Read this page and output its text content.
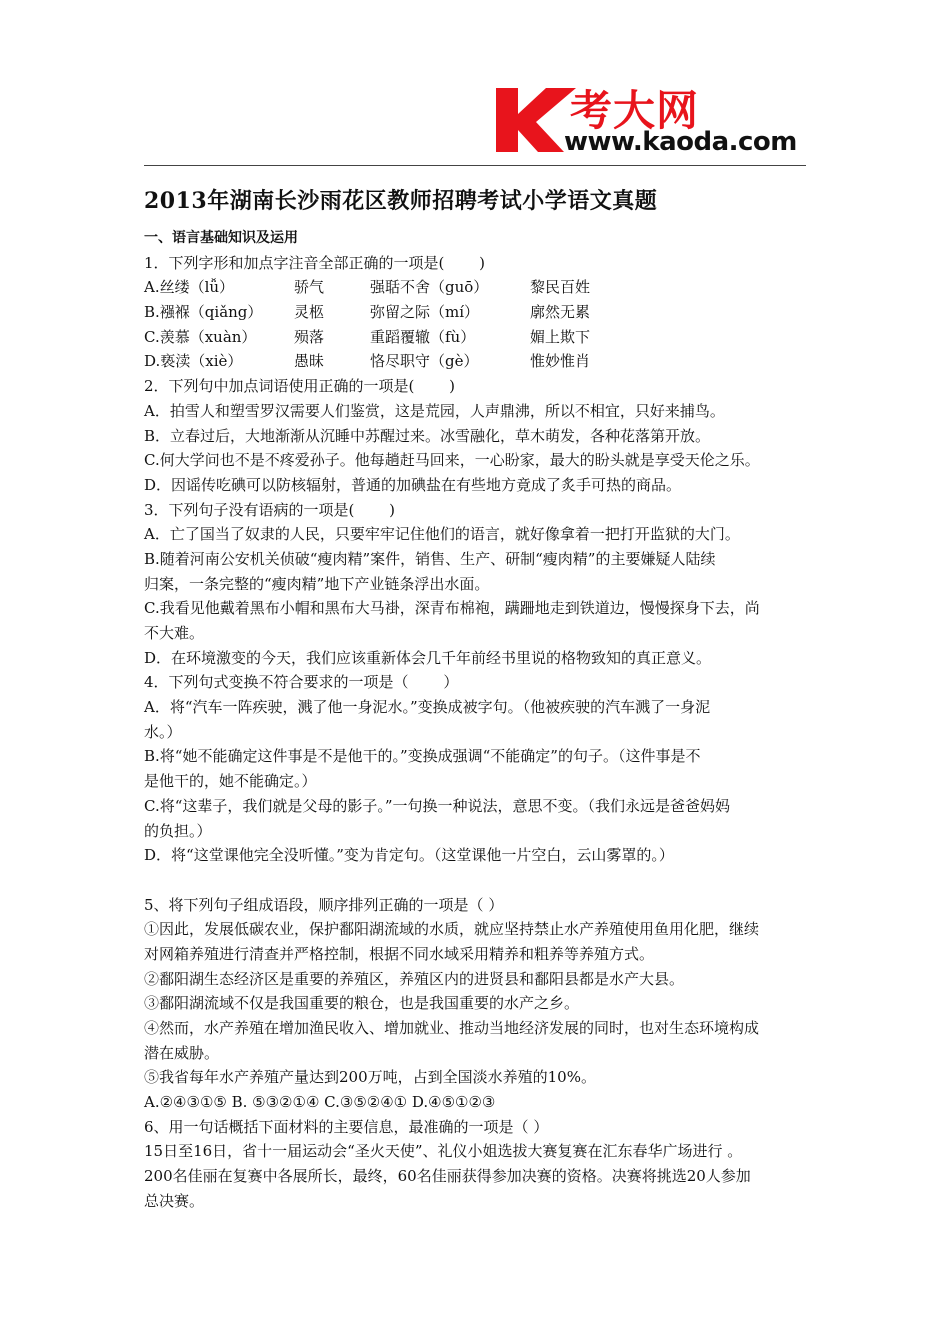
考大网
www.kaoda.com
2013年湖南长沙雨花区教师招聘考试小学语文真题
一、语言基础知识及运用
1．下列字形和加点字注音全部正确的一项是(　　 )
A.丝缕（lǚ）	骄气	强聒不舍（guō）	黎民百姓
B.襁褓（qiǎng）	灵柩	弥留之际（mí）	廓然无累
C.羡慕（xuàn）	殒落	重蹈覆辙（fù）	媚上欺下
D.亵渎（xiè）	愚昧	恪尽职守（gè）	惟妙惟肖
2．下列句中加点词语使用正确的一项是(　　 )
A．拍雪人和塑雪罗汉需要人们鉴赏，这是荒园，人声鼎沸，所以不相宜，只好来捕鸟。
B．立春过后，大地渐渐从沉睡中苏醒过来。冰雪融化，草木萌发，各种花落第开放。
C.何大学问也不是不疼爱孙子。他每趟赶马回来，一心盼家，最大的盼头就是享受天伦之乐。
D．因谣传吃碘可以防核辐射，普通的加碘盐在有些地方竟成了炙手可热的商品。
3．下列句子没有语病的一项是(　　 )
A．亡了国当了奴隶的人民，只要牢牢记住他们的语言，就好像拿着一把打开监狱的大门。
B.随着河南公安机关侦破“瘦肉精”案件，销售、生产、研制“瘦肉精”的主要嫌疑人陆续
归案，一条完整的“瘦肉精”地下产业链条浮出水面。
C.我看见他戴着黑布小帽和黑布大马褂，深青布棉袍，蹒跚地走到铁道边，慢慢探身下去，尚
不大难。
D．在环境激变的今天，我们应该重新体会几千年前经书里说的格物致知的真正意义。
4．下列句式变换不符合要求的一项是（　　 ）
A．将“汽车一阵疾驶，溅了他一身泥水。”变换成被字句。（他被疾驶的汽车溅了一身泥
水。）
B.将“她不能确定这件事是不是他干的。”变换成强调“不能确定”的句子。（这件事是不
是他干的，她不能确定。）
C.将“这辈子，我们就是父母的影子。”一句换一种说法，意思不变。（我们永远是爸爸妈妈
的负担。）
D．将“这堂课他完全没听懂。”变为肯定句。（这堂课他一片空白，云山雾罩的。）
5、将下列句子组成语段，顺序排列正确的一项是（ ）
①因此，发展低碳农业，保护鄱阳湖流域的水质，就应坚持禁止水产养殖使用鱼用化肥，继续
对网箱养殖进行清查并严格控制，根据不同水域采用精养和粗养等养殖方式。
②鄱阳湖生态经济区是重要的养殖区，养殖区内的进贤县和鄱阳县都是水产大县。
③鄱阳湖流域不仅是我国重要的粮仓，也是我国重要的水产之乡。
④然而，水产养殖在增加渔民收入、增加就业、推动当地经济发展的同时，也对生态环境构成
潜在威胁。
⑤我省每年水产养殖产量达到200万吨，占到全国淡水养殖的10%。
A.②④③①⑤ B. ⑤③②①④ C.③⑤②④① D.④⑤①②③
6、用一句话概括下面材料的主要信息，最准确的一项是（ ）
15日至16日，省十一届运动会“圣火天使”、礼仪小姐选拔大赛复赛在汇东春华广场进行 。
200名佳丽在复赛中各展所长，最终，60名佳丽获得参加决赛的资格。决赛将挑选20人参加
总决赛。
